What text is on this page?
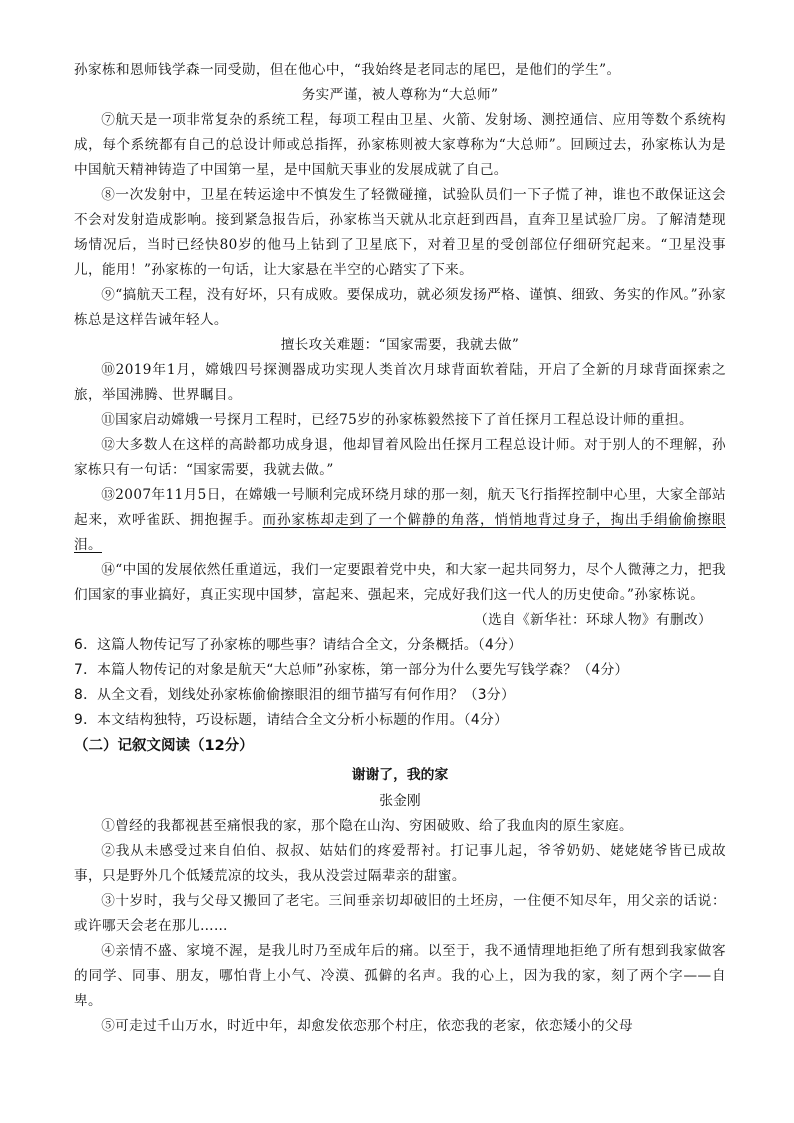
孙家栋和恩师钱学森一同受勋，但在他心中，“我始终是老同志的尾巴，是他们的学生”。

务实严谨，被人尊称为“大总师”

⑦航天是一项非常复杂的系统工程，每项工程由卫星、火箭、发射场、测控通信、应用等数个系统构成，每个系统都有自己的总设计师或总指挥，孙家栋则被大家尊称为“大总师”。回顾过去，孙家栋认为是中国航天精神铸造了中国第一星，是中国航天事业的发展成就了自己。

⑧一次发射中，卫星在转运途中不慎发生了轻微碰撞，试验队员们一下子慌了神，谁也不敢保证这会不会对发射造成影响。接到紧急报告后，孙家栋当天就从北京赶到西昌，直奔卫星试验厂房。了解清楚现场情况后，当时已经快80岁的他马上钻到了卫星底下，对着卫星的受创部位仔细研究起来。“卫星没事儿，能用！”孙家栋的一句话，让大家悬在半空的心踏实了下来。

⑨“搞航天工程，没有好坏，只有成败。要保成功，就必须发扬严格、谨慎、细致、务实的作风。”孙家栋总是这样告诫年轻人。

擅长攻关难题：“国家需要，我就去做”

⑩2019年1月，嫦娥四号探测器成功实现人类首次月球背面软着陆，开启了全新的月球背面探索之旅，举国沸腾、世界瞩目。

⑪国家启动嫦娥一号探月工程时，已经75岁的孙家栋毅然接下了首任探月工程总设计师的重担。

⑫大多数人在这样的高龄都功成身退，他却冒着风险出任探月工程总设计师。对于别人的不理解，孙家栋只有一句话：“国家需要，我就去做。”

⑬2007年11月5日，在嫦娥一号顺利完成环绕月球的那一刻，航天飞行指挥控制中心里，大家全部站起来，欢呼雀跃、拥抱握手。而孙家栋却走到了一个僻静的角落，悄悄地背过身子，掏出手绢偷偷擦眼泪。

⑭“中国的发展依然任重道远，我们一定要跟着党中央，和大家一起共同努力，尽个人微薄之力，把我们国家的事业搞好，真正实现中国梦，富起来、强起来，完成好我们这一代人的历史使命。”孙家栋说。

（选自《新华社：环球人物》有删改）

6．这篇人物传记写了孙家栋的哪些事？请结合全文，分条概括。（4分）

7．本篇人物传记的对象是航天“大总师”孙家栋，第一部分为什么要先写钱学森？（4分）

8．从全文看，划线处孙家栋偷偷擦眼泪的细节描写有何作用？（3分）

9．本文结构独特，巧设标题，请结合全文分析小标题的作用。（4分）

（二）记叙文阅读（12分）

谢谢了，我的家

张金刚

①曾经的我都视甚至痛恨我的家，那个隐在山沟、穷困破败、给了我血肉的原生家庭。

②我从未感受过来自伯伯、叔叔、姑姑们的疼爱帮衬。打记事儿起，爷爷奶奶、姥姥姥爷皆已成故事，只是野外几个低矮荒凉的坟头，我从没尝过隔辈亲的甜蜜。

③十岁时，我与父母又搬回了老宅。三间垂亲切却破旧的土坯房，一住便不知尽年，用父亲的话说：或许哪天会老在那儿……

④亲情不盛、家境不渥，是我儿时乃至成年后的痛。以至于，我不通情理地拒绝了所有想到我家做客的同学、同事、朋友，哪怕背上小气、冷漠、孤僻的名声。我的心上，因为我的家，刻了两个字——自卑。

⑤可走过千山万水，时近中年，却愈发依恋那个村庄，依恋我的老家，依恋矮小的父母
